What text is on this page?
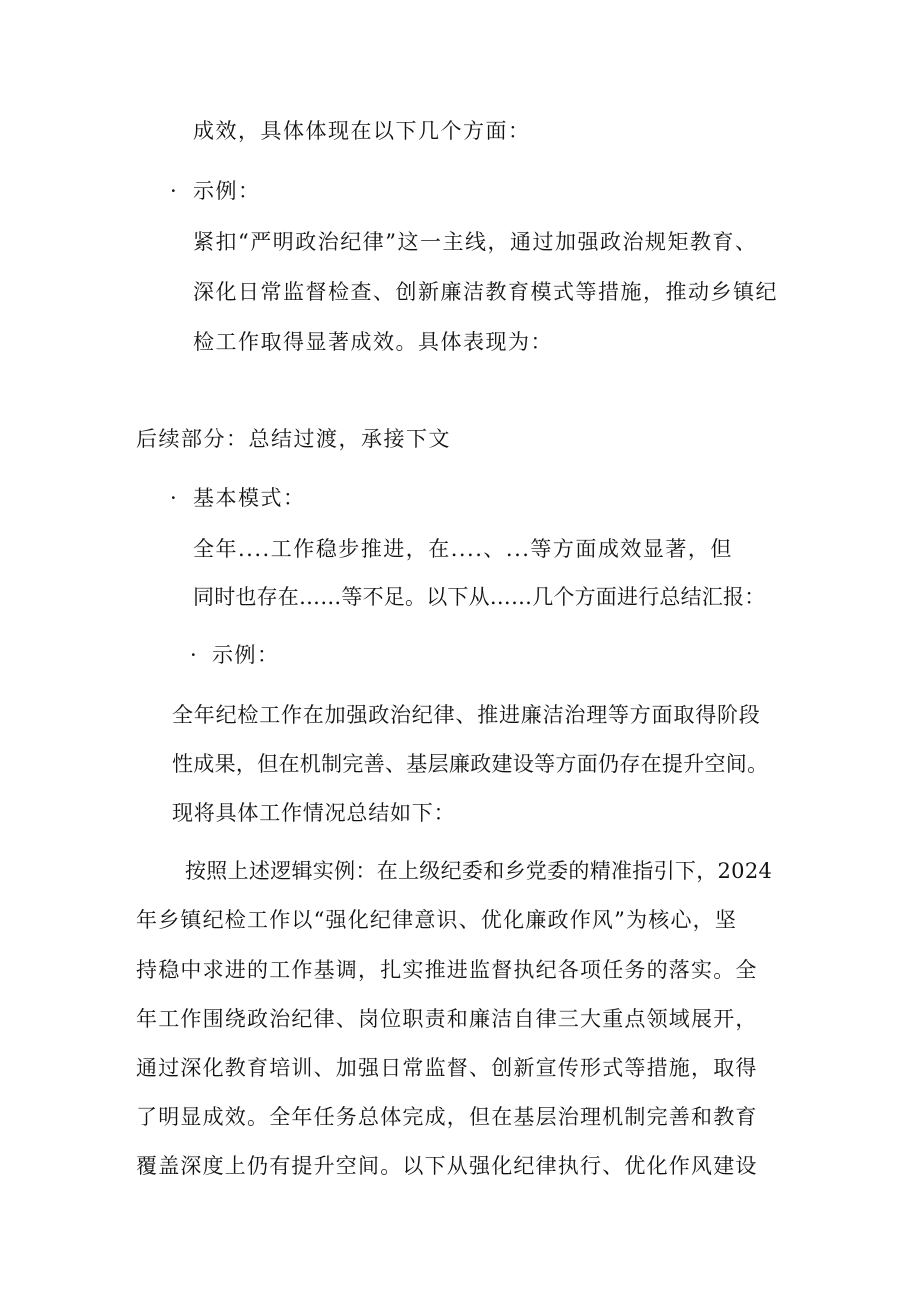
成效，具体体现在以下几个方面：
· 示例：
紧扣“严明政治纪律”这一主线，通过加强政治规矩教育、
深化日常监督检查、创新廉洁教育模式等措施，推动乡镇纪
检工作取得显著成效。具体表现为：
后续部分：总结过渡，承接下文
· 基本模式：
全年....工作稳步推进，在....、...等方面成效显著，但
同时也存在……等不足。以下从……几个方面进行总结汇报：
· 示例：
全年纪检工作在加强政治纪律、推进廉洁治理等方面取得阶段
性成果，但在机制完善、基层廉政建设等方面仍存在提升空间。
现将具体工作情况总结如下：
按照上述逻辑实例：在上级纪委和乡党委的精准指引下，2024
年乡镇纪检工作以“强化纪律意识、优化廉政作风”为核心，坚
持稳中求进的工作基调，扎实推进监督执纪各项任务的落实。全
年工作围绕政治纪律、岗位职责和廉洁自律三大重点领域展开，
通过深化教育培训、加强日常监督、创新宣传形式等措施，取得
了明显成效。全年任务总体完成，但在基层治理机制完善和教育
覆盖深度上仍有提升空间。以下从强化纪律执行、优化作风建设
